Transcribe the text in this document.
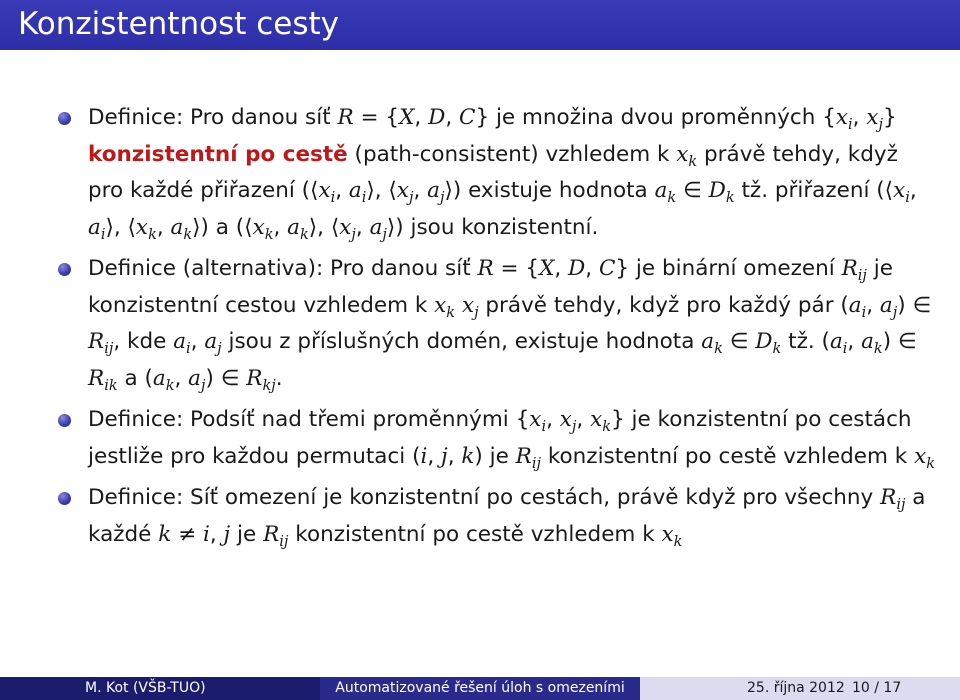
Konzistentnost cesty

Definice: Pro danou síť R = {X, D, C} je množina dvou proměnných {$x_i$, $x_j$} konzistentní po cestě (path-consistent) vzhledem k $x_k$ právě tehdy, když pro každé přiřazení ($⟨x_i$, $a_i⟩$, $⟨x_j$, $a_j⟩$) existuje hodnota $a_k$ ∈ $D_k$ tž. přiřazení ($⟨x_i$, $a_i⟩$, $⟨x_k$, $a_k⟩$) a ($⟨x_k$, $a_k⟩$, $⟨x_j$, $a_j⟩$) jsou konzistentní.

Definice (alternativa): Pro danou síť R = {X, D, C} je binární omezení $R_{ij}$ je konzistentní cestou vzhledem k $x_k$ $x_j$ právě tehdy, když pro každý pár ($a_i$, $a_j$) ∈ $R_{ij}$, kde $a_i$, $a_j$ jsou z příslušných domén, existuje hodnota $a_k$ ∈ $D_k$ tž. ($a_i$, $a_k$) ∈ $R_{ik}$ a ($a_k$, $a_j$) ∈ $R_{kj}$.

Definice: Podsíť nad třemi proměnnými {$x_i$, $x_j$, $x_k$} je konzistentní po cestách jestliže pro každou permutaci (i, j, k) je $R_{ij}$ konzistentní po cestě vzhledem k $x_k$

Definice: Síť omezení je konzistentní po cestách, právě když pro všechny $R_{ij}$ a každé k ≠ i, j je $R_{ij}$ konzistentní po cestě vzhledem k $x_k$

M. Kot (VŠB-TUO)	Automatizované řešení úloh s omezeními	25. října 2012 10 / 17
